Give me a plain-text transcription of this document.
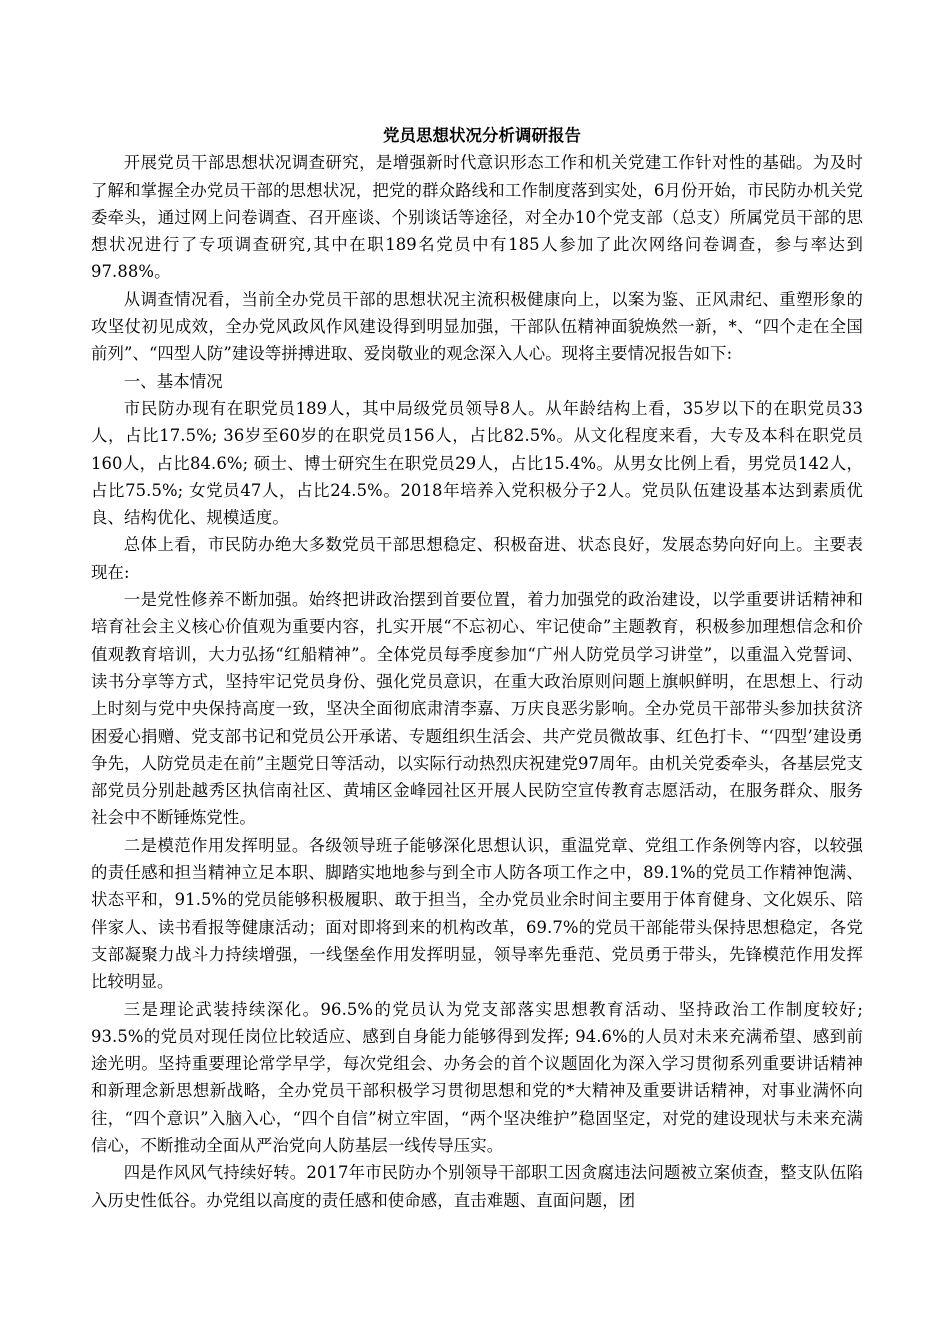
党员思想状况分析调研报告

开展党员干部思想状况调查研究，是增强新时代意识形态工作和机关党建工作针对性的基础。为及时了解和掌握全办党员干部的思想状况，把党的群众路线和工作制度落到实处，6月份开始，市民防办机关党委牵头，通过网上问卷调查、召开座谈、个别谈话等途径，对全办10个党支部（总支）所属党员干部的思想状况进行了专项调查研究,其中在职189名党员中有185人参加了此次网络问卷调查，参与率达到97.88%。

从调查情况看，当前全办党员干部的思想状况主流积极健康向上，以案为鉴、正风肃纪、重塑形象的攻坚仗初见成效，全办党风政风作风建设得到明显加强，干部队伍精神面貌焕然一新，*、“四个走在全国前列”、“四型人防”建设等拼搏进取、爱岗敬业的观念深入人心。现将主要情况报告如下:

一、基本情况

市民防办现有在职党员189人，其中局级党员领导8人。从年龄结构上看，35岁以下的在职党员33人，占比17.5%; 36岁至60岁的在职党员156人，占比82.5%。从文化程度来看，大专及本科在职党员160人，占比84.6%; 硕士、博士研究生在职党员29人，占比15.4%。从男女比例上看，男党员142人，占比75.5%; 女党员47人，占比24.5%。2018年培养入党积极分子2人。党员队伍建设基本达到素质优良、结构优化、规模适度。

总体上看，市民防办绝大多数党员干部思想稳定、积极奋进、状态良好，发展态势向好向上。主要表现在:

一是党性修养不断加强。始终把讲政治摆到首要位置，着力加强党的政治建设，以学重要讲话精神和培育社会主义核心价值观为重要内容，扎实开展“不忘初心、牢记使命”主题教育，积极参加理想信念和价值观教育培训，大力弘扬“红船精神”。全体党员每季度参加“广州人防党员学习讲堂”，以重温入党誓词、读书分享等方式，坚持牢记党员身份、强化党员意识，在重大政治原则问题上旗帜鲜明，在思想上、行动上时刻与党中央保持高度一致，坚决全面彻底肃清李嘉、万庆良恶劣影响。全办党员干部带头参加扶贫济困爱心捐赠、党支部书记和党员公开承诺、专题组织生活会、共产党员微故事、红色打卡、“‘四型’建设勇争先，人防党员走在前”主题党日等活动，以实际行动热烈庆祝建党97周年。由机关党委牵头，各基层党支部党员分别赴越秀区执信南社区、黄埔区金峰园社区开展人民防空宣传教育志愿活动，在服务群众、服务社会中不断锤炼党性。

二是模范作用发挥明显。各级领导班子能够深化思想认识，重温党章、党组工作条例等内容，以较强的责任感和担当精神立足本职、脚踏实地地参与到全市人防各项工作之中，89.1%的党员工作精神饱满、状态平和，91.5%的党员能够积极履职、敢于担当，全办党员业余时间主要用于体育健身、文化娱乐、陪伴家人、读书看报等健康活动；面对即将到来的机构改革，69.7%的党员干部能带头保持思想稳定，各党支部凝聚力战斗力持续增强，一线堡垒作用发挥明显，领导率先垂范、党员勇于带头，先锋模范作用发挥比较明显。

三是理论武装持续深化。96.5%的党员认为党支部落实思想教育活动、坚持政治工作制度较好; 93.5%的党员对现任岗位比较适应、感到自身能力能够得到发挥; 94.6%的人员对未来充满希望、感到前途光明。坚持重要理论常学早学，每次党组会、办务会的首个议题固化为深入学习贯彻系列重要讲话精神和新理念新思想新战略，全办党员干部积极学习贯彻思想和党的*大精神及重要讲话精神，对事业满怀向往，“四个意识”入脑入心，“四个自信”树立牢固，“两个坚决维护”稳固坚定，对党的建设现状与未来充满信心，不断推动全面从严治党向人防基层一线传导压实。

四是作风风气持续好转。2017年市民防办个别领导干部职工因贪腐违法问题被立案侦查，整支队伍陷入历史性低谷。办党组以高度的责任感和使命感，直击难题、直面问题，团
